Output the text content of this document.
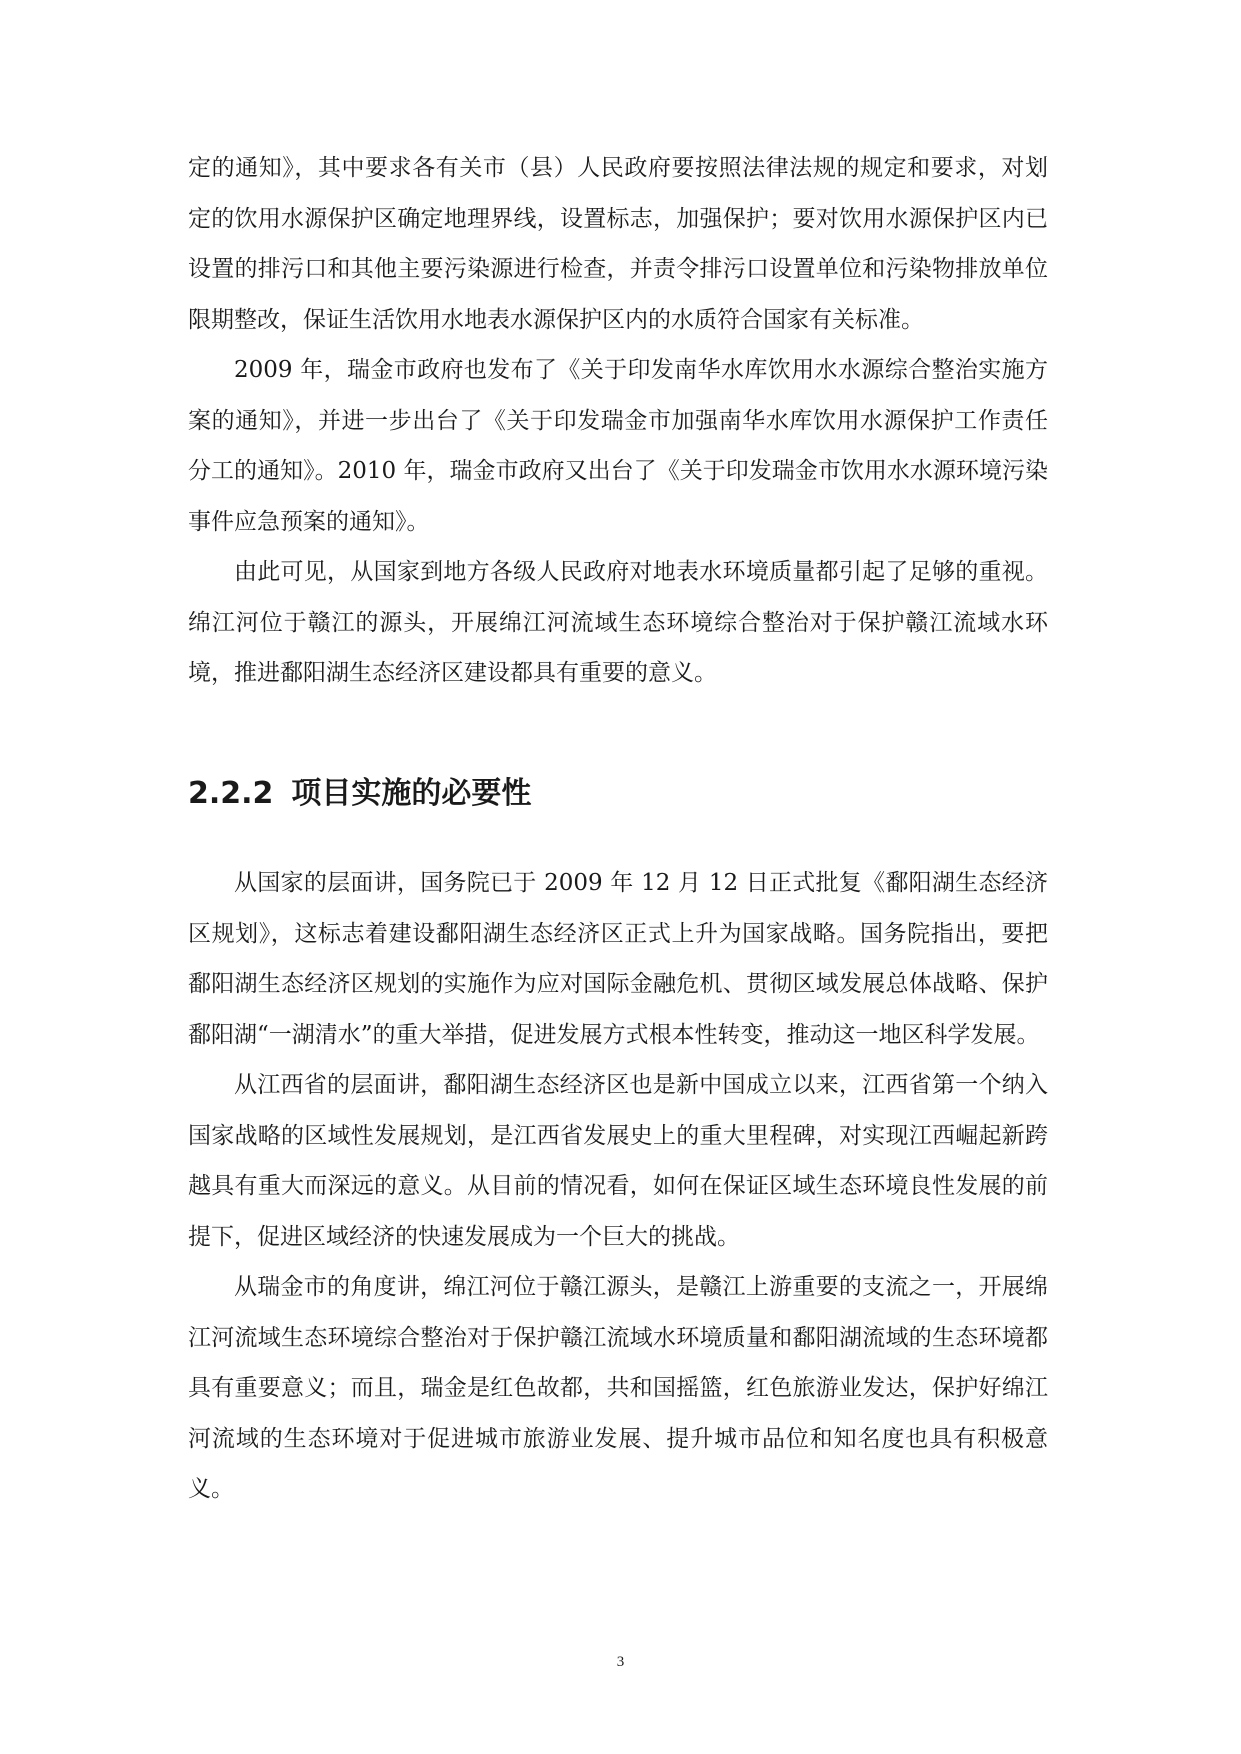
定的通知》，其中要求各有关市（县）人民政府要按照法律法规的规定和要求，对划定的饮用水源保护区确定地理界线，设置标志，加强保护；要对饮用水源保护区内已设置的排污口和其他主要污染源进行检查，并责令排污口设置单位和污染物排放单位限期整改，保证生活饮用水地表水源保护区内的水质符合国家有关标准。

2009 年，瑞金市政府也发布了《关于印发南华水库饮用水水源综合整治实施方案的通知》，并进一步出台了《关于印发瑞金市加强南华水库饮用水源保护工作责任分工的通知》。2010 年，瑞金市政府又出台了《关于印发瑞金市饮用水水源环境污染事件应急预案的通知》。

由此可见，从国家到地方各级人民政府对地表水环境质量都引起了足够的重视。绵江河位于赣江的源头，开展绵江河流域生态环境综合整治对于保护赣江流域水环境，推进鄱阳湖生态经济区建设都具有重要的意义。

2.2.2 项目实施的必要性

从国家的层面讲，国务院已于 2009 年 12 月 12 日正式批复《鄱阳湖生态经济区规划》，这标志着建设鄱阳湖生态经济区正式上升为国家战略。国务院指出，要把鄱阳湖生态经济区规划的实施作为应对国际金融危机、贯彻区域发展总体战略、保护鄱阳湖“一湖清水”的重大举措，促进发展方式根本性转变，推动这一地区科学发展。

从江西省的层面讲，鄱阳湖生态经济区也是新中国成立以来，江西省第一个纳入国家战略的区域性发展规划，是江西省发展史上的重大里程碑，对实现江西崛起新跨越具有重大而深远的意义。从目前的情况看，如何在保证区域生态环境良性发展的前提下，促进区域经济的快速发展成为一个巨大的挑战。

从瑞金市的角度讲，绵江河位于赣江源头，是赣江上游重要的支流之一，开展绵江河流域生态环境综合整治对于保护赣江流域水环境质量和鄱阳湖流域的生态环境都具有重要意义；而且，瑞金是红色故都，共和国摇篮，红色旅游业发达，保护好绵江河流域的生态环境对于促进城市旅游业发展、提升城市品位和知名度也具有积极意义。

3
